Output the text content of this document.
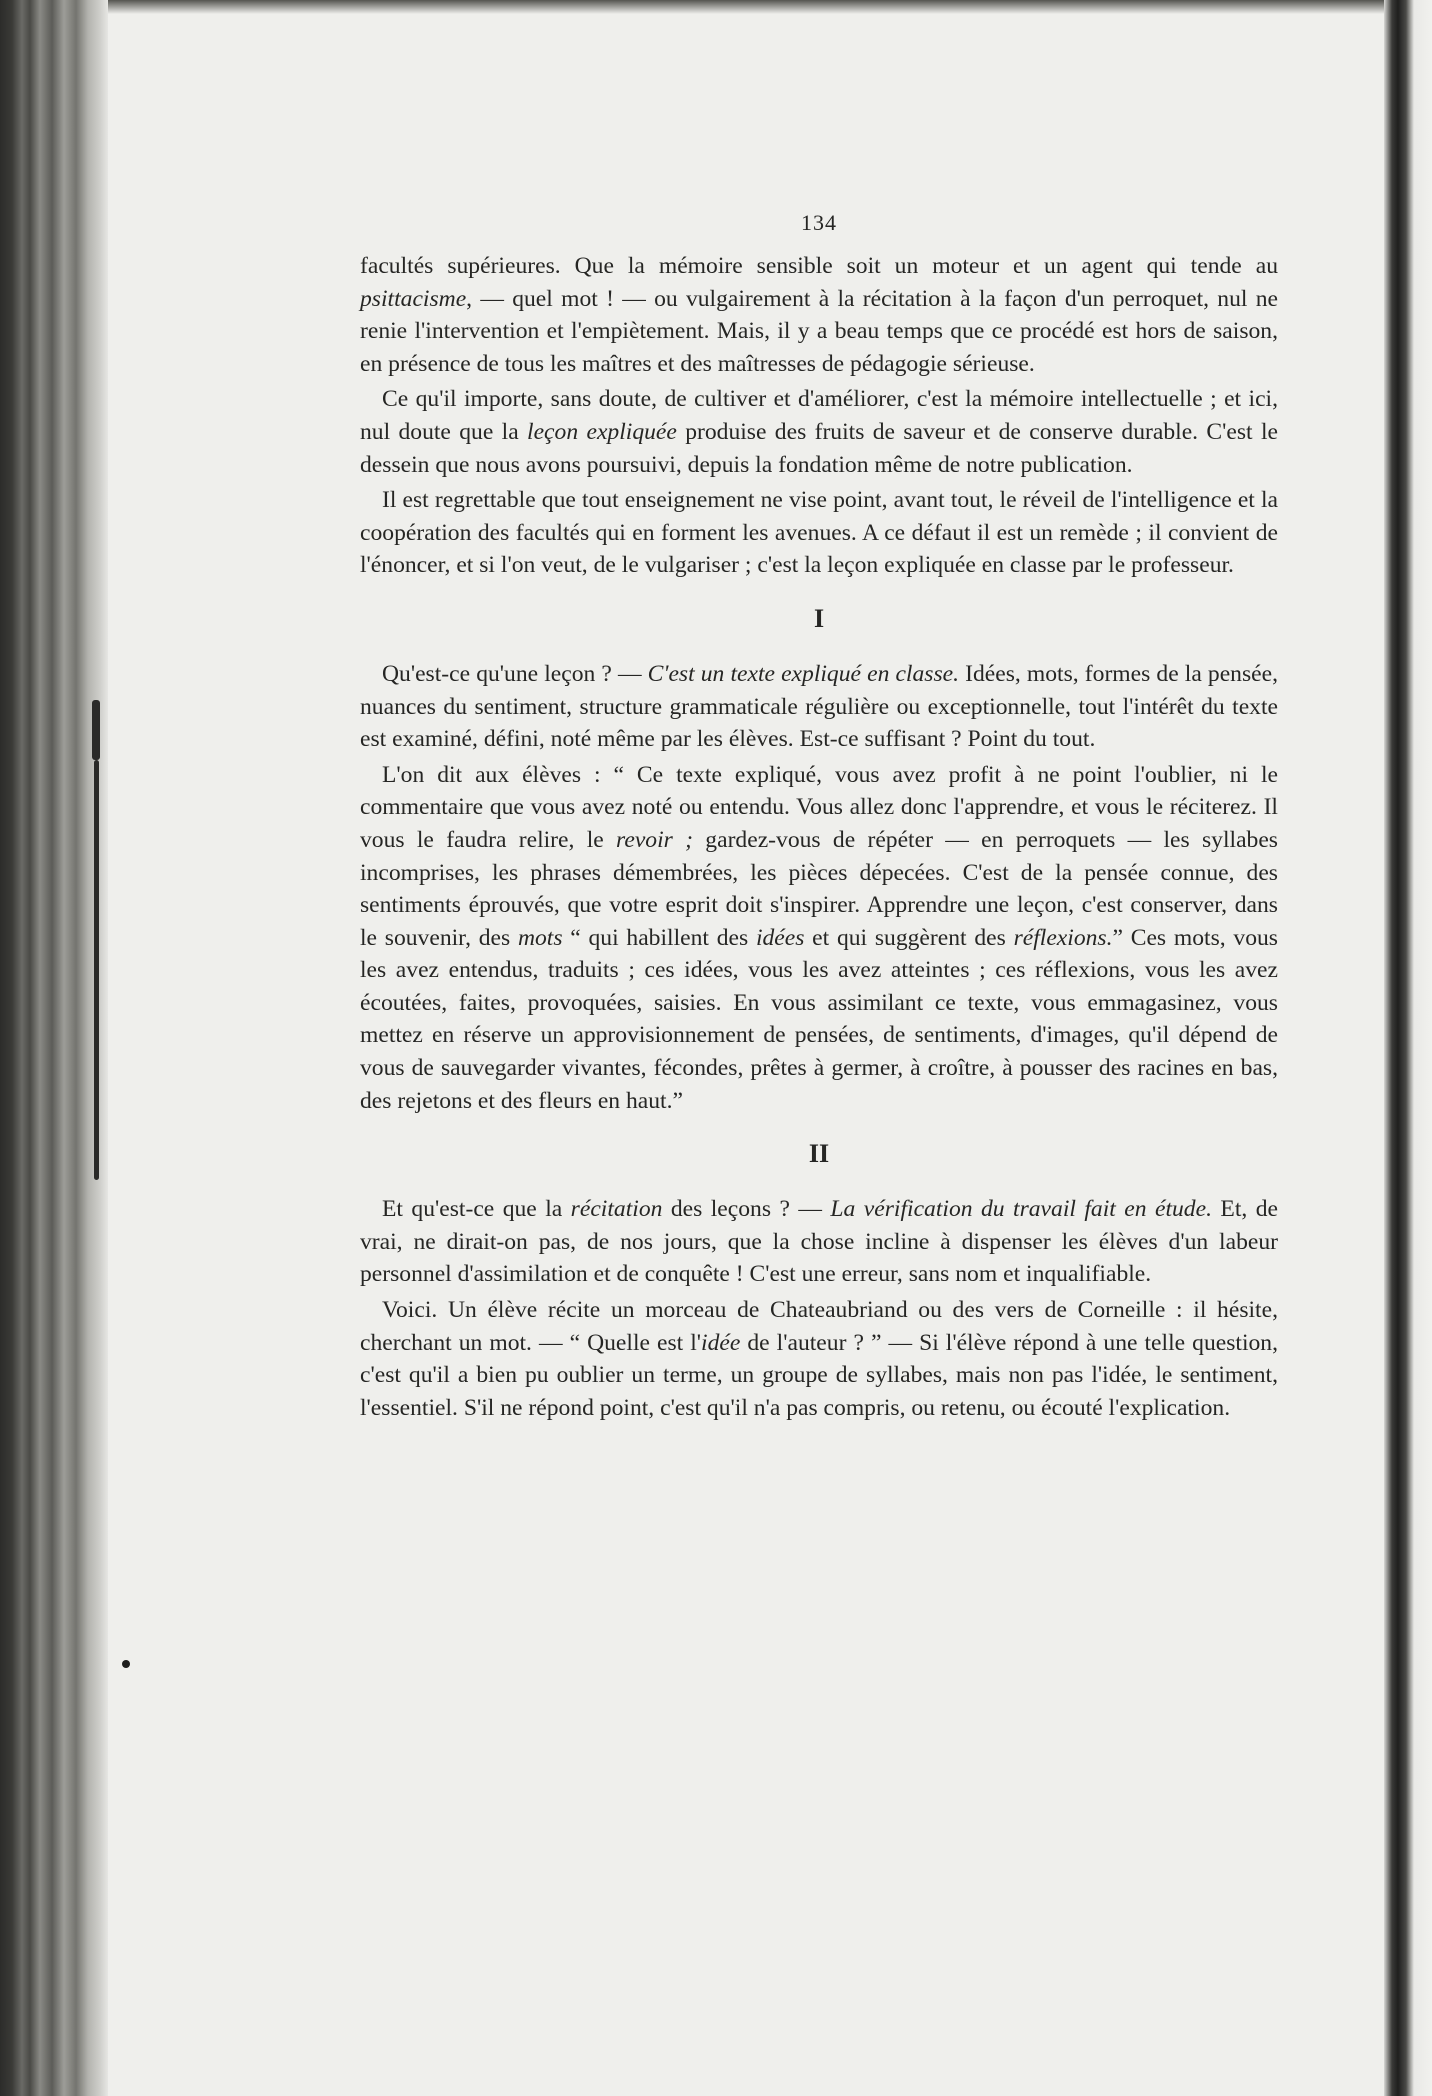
134

facultés supérieures. Que la mémoire sensible soit un moteur et un agent qui tende au psittacisme, — quel mot ! — ou vulgairement à la récitation à la façon d'un perroquet, nul ne renie l'intervention et l'empiètement. Mais, il y a beau temps que ce procédé est hors de saison, en présence de tous les maîtres et des maîtresses de pédagogie sérieuse.

Ce qu'il importe, sans doute, de cultiver et d'améliorer, c'est la mémoire intellectuelle ; et ici, nul doute que la leçon expliquée produise des fruits de saveur et de conserve durable. C'est le dessein que nous avons poursuivi, depuis la fondation même de notre publication.

Il est regrettable que tout enseignement ne vise point, avant tout, le réveil de l'intelligence et la coopération des facultés qui en forment les avenues. A ce défaut il est un remède ; il convient de l'énoncer, et si l'on veut, de le vulgariser ; c'est la leçon expliquée en classe par le professeur.

I

Qu'est-ce qu'une leçon ? — C'est un texte expliqué en classe. Idées, mots, formes de la pensée, nuances du sentiment, structure grammaticale régulière ou exceptionnelle, tout l'intérêt du texte est examiné, défini, noté même par les élèves. Est-ce suffisant ? Point du tout.

L'on dit aux élèves : “ Ce texte expliqué, vous avez profit à ne point l'oublier, ni le commentaire que vous avez noté ou entendu. Vous allez donc l'apprendre, et vous le réciterez. Il vous le faudra relire, le revoir ; gardez-vous de répéter — en perroquets — les syllabes incomprises, les phrases démembrées, les pièces dépecées. C'est de la pensée connue, des sentiments éprouvés, que votre esprit doit s'inspirer. Apprendre une leçon, c'est conserver, dans le souvenir, des mots “ qui habillent des idées et qui suggèrent des réflexions.” Ces mots, vous les avez entendus, traduits ; ces idées, vous les avez atteintes ; ces réflexions, vous les avez écoutées, faites, provoquées, saisies. En vous assimilant ce texte, vous emmagasinez, vous mettez en réserve un approvisionnement de pensées, de sentiments, d'images, qu'il dépend de vous de sauvegarder vivantes, fécondes, prêtes à germer, à croître, à pousser des racines en bas, des rejetons et des fleurs en haut.”

II

Et qu'est-ce que la récitation des leçons ? — La vérification du travail fait en étude. Et, de vrai, ne dirait-on pas, de nos jours, que la chose incline à dispenser les élèves d'un labeur personnel d'assimilation et de conquête ! C'est une erreur, sans nom et inqualifiable.

Voici. Un élève récite un morceau de Chateaubriand ou des vers de Corneille : il hésite, cherchant un mot. — “ Quelle est l'idée de l'auteur ? ” — Si l'élève répond à une telle question, c'est qu'il a bien pu oublier un terme, un groupe de syllabes, mais non pas l'idée, le sentiment, l'essentiel. S'il ne répond point, c'est qu'il n'a pas compris, ou retenu, ou écouté l'explication.
